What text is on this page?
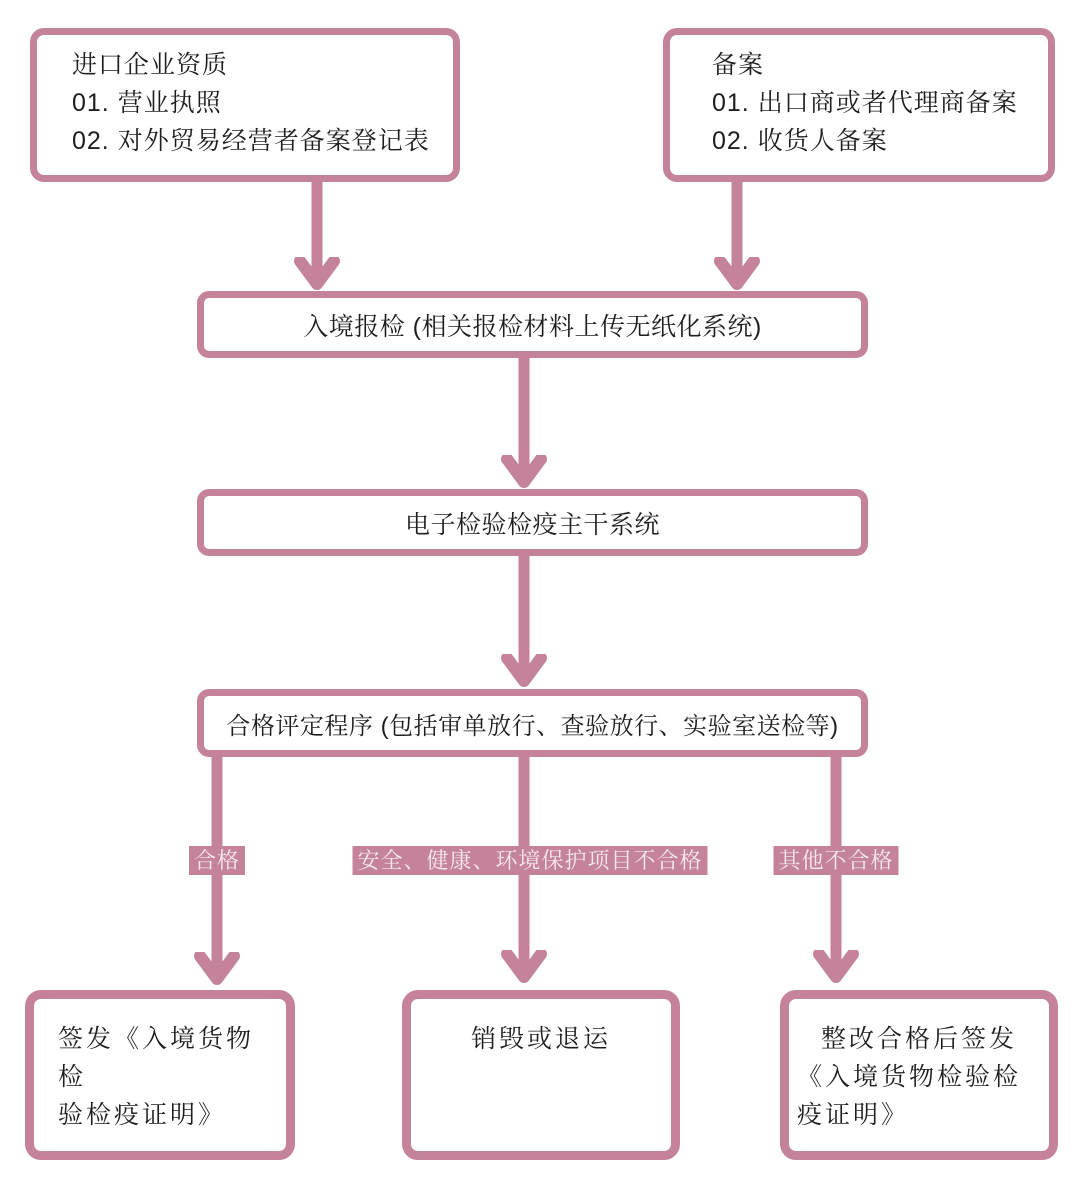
进口企业资质
01. 营业执照
02. 对外贸易经营者备案登记表
备案
01. 出口商或者代理商备案
02. 收货人备案
入境报检 (相关报检材料上传无纸化系统)
电子检验检疫主干系统
合格评定程序 (包括审单放行、查验放行、实验室送检等)
合格	安全、健康、环境保护项目不合格	其他不合格
签发《入境货物检
验检疫证明》
销毁或退运	整改合格后签发
《入境货物检验检
疫证明》
